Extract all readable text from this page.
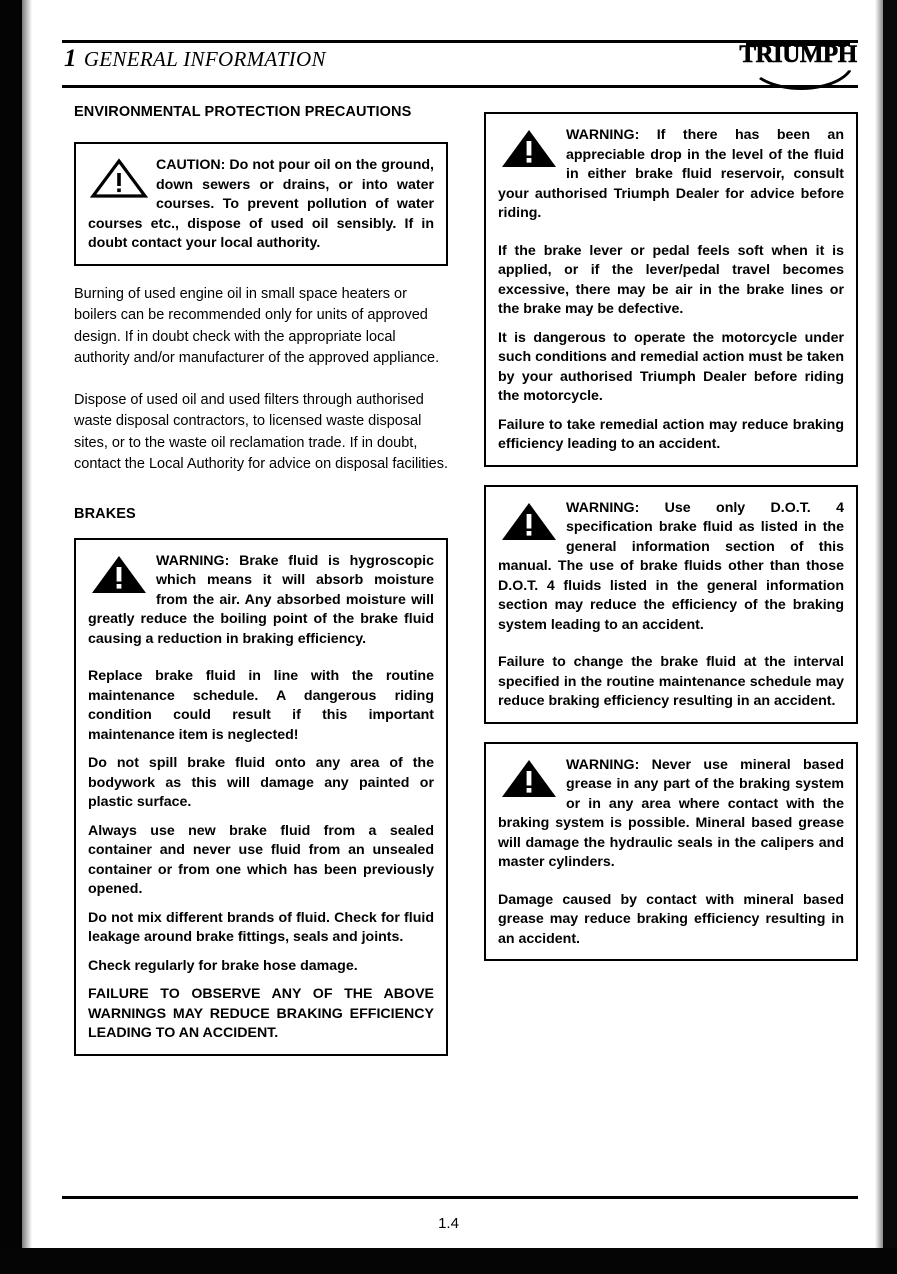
1 GENERAL INFORMATION	TRIUMPH
ENVIRONMENTAL PROTECTION PRECAUTIONS

CAUTION: Do not pour oil on the ground, down sewers or drains, or into water courses. To prevent pollution of water courses etc., dispose of used oil sensibly. If in doubt contact your local authority.

Burning of used engine oil in small space heaters or boilers can be recommended only for units of approved design. If in doubt check with the appropriate local authority and/or manufacturer of the approved appliance.

Dispose of used oil and used filters through authorised waste disposal contractors, to licensed waste disposal sites, or to the waste oil reclamation trade. If in doubt, contact the Local Authority for advice on disposal facilities.

BRAKES

WARNING: Brake fluid is hygroscopic which means it will absorb moisture from the air. Any absorbed moisture will greatly reduce the boiling point of the brake fluid causing a reduction in braking efficiency.

Replace brake fluid in line with the routine maintenance schedule. A dangerous riding condition could result if this important maintenance item is neglected!

Do not spill brake fluid onto any area of the bodywork as this will damage any painted or plastic surface.

Always use new brake fluid from a sealed container and never use fluid from an unsealed container or from one which has been previously opened.

Do not mix different brands of fluid. Check for fluid leakage around brake fittings, seals and joints.

Check regularly for brake hose damage.

FAILURE TO OBSERVE ANY OF THE ABOVE WARNINGS MAY REDUCE BRAKING EFFICIENCY LEADING TO AN ACCIDENT.

WARNING: If there has been an appreciable drop in the level of the fluid in either brake fluid reservoir, consult your authorised Triumph Dealer for advice before riding.

If the brake lever or pedal feels soft when it is applied, or if the lever/pedal travel becomes excessive, there may be air in the brake lines or the brake may be defective.

It is dangerous to operate the motorcycle under such conditions and remedial action must be taken by your authorised Triumph Dealer before riding the motorcycle.

Failure to take remedial action may reduce braking efficiency leading to an accident.

WARNING: Use only D.O.T. 4 specification brake fluid as listed in the general information section of this manual. The use of brake fluids other than those D.O.T. 4 fluids listed in the general information section may reduce the efficiency of the braking system leading to an accident.

Failure to change the brake fluid at the interval specified in the routine maintenance schedule may reduce braking efficiency resulting in an accident.

WARNING: Never use mineral based grease in any part of the braking system or in any area where contact with the braking system is possible. Mineral based grease will damage the hydraulic seals in the calipers and master cylinders.

Damage caused by contact with mineral based grease may reduce braking efficiency resulting in an accident.

1.4
